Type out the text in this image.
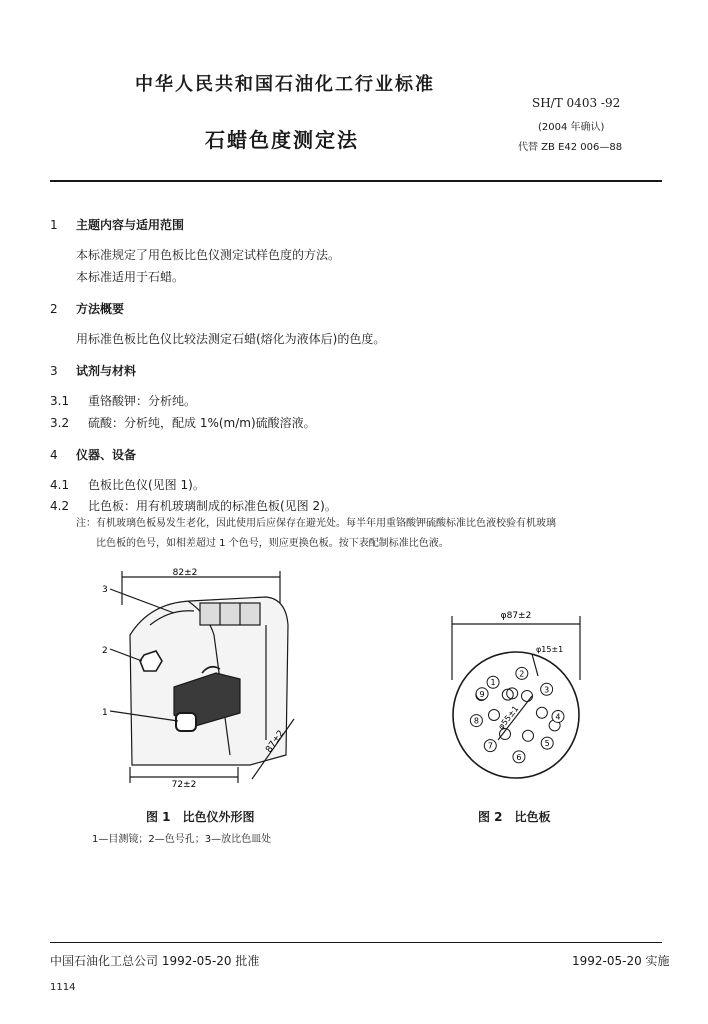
中华人民共和国石油化工行业标准
SH/T 0403 -92
(2004 年确认)
代替 ZB E42 006—88
石蜡色度测定法
1 主题内容与适用范围
本标准规定了用色板比色仪测定试样色度的方法。
本标准适用于石蜡。
2 方法概要
用标准色板比色仪比较法测定石蜡(熔化为液体后)的色度。
3 试剂与材料
3.1 重铬酸钾：分析纯。
3.2 硫酸：分析纯，配成 1%(m/m)硫酸溶液。
4 仪器、设备
4.1 色板比色仪(见图 1)。
4.2 比色板：用有机玻璃制成的标准色板(见图 2)。
注：有机玻璃色板易发生老化，因此使用后应保存在避光处。每半年用重铬酸钾硫酸标准比色液校验有机玻璃
比色板的色号，如相差超过 1 个色号，则应更换色板。按下表配制标准比色液。
82±2
72±2
87±2
3
2
1
1
2
3
4
5
6
7
8
9
φ87±2
φ15±1
φ55±1
图 1　比色仪外形图
1—目测镜；2—色号孔；3—放比色皿处
图 2　比色板
中国石油化工总公司 1992-05-20 批准	1992-05-20 实施
1114
